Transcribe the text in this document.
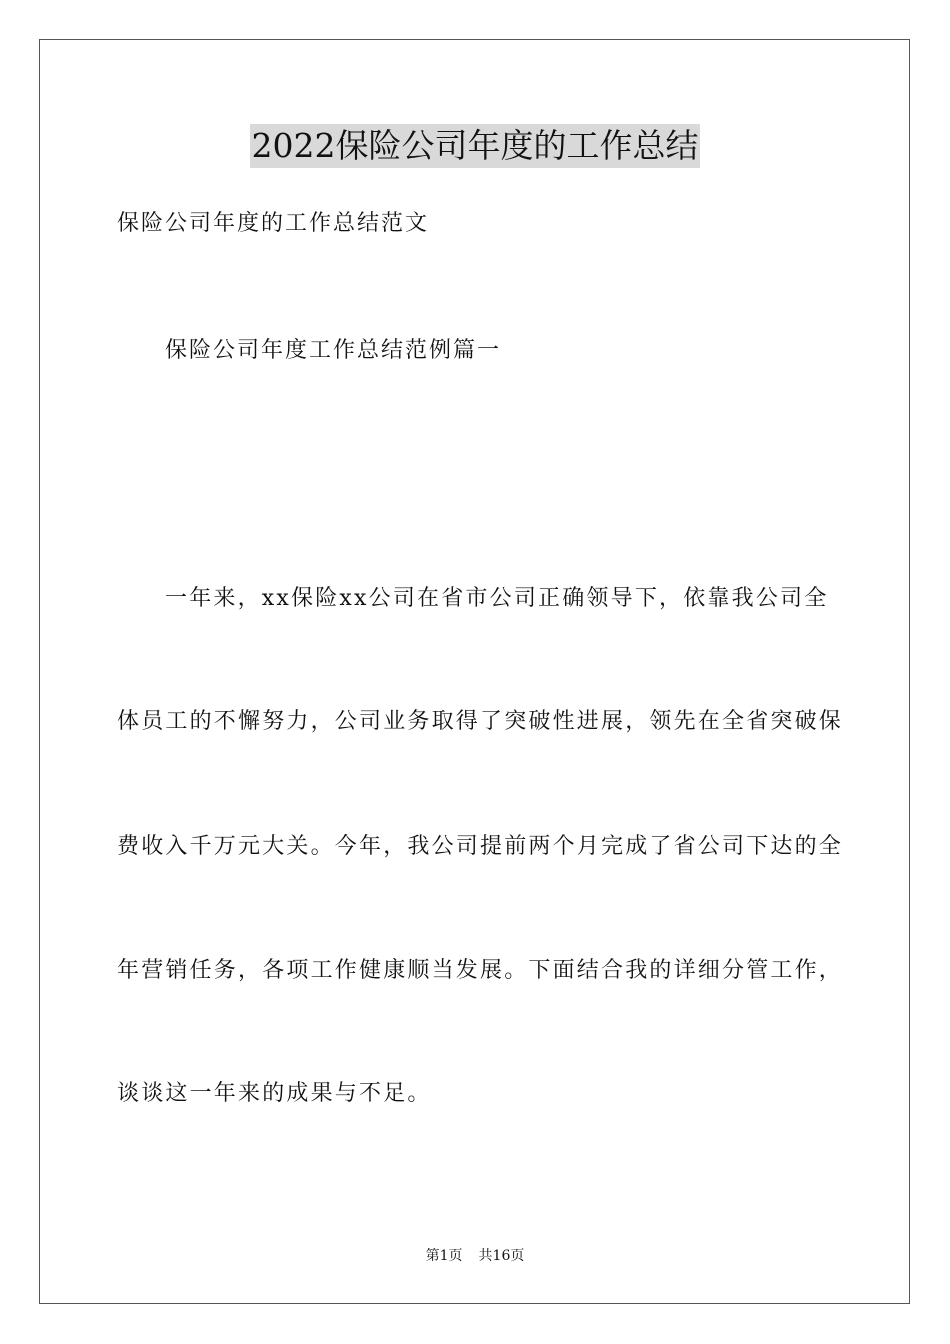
2022保险公司年度的工作总结
保险公司年度的工作总结范文
保险公司年度工作总结范例篇一
一年来，xx保险xx公司在省市公司正确领导下，依靠我公司全
体员工的不懈努力，公司业务取得了突破性进展，领先在全省突破保
费收入千万元大关。今年，我公司提前两个月完成了省公司下达的全
年营销任务，各项工作健康顺当发展。下面结合我的详细分管工作，
谈谈这一年来的成果与不足。
第1页 共16页
